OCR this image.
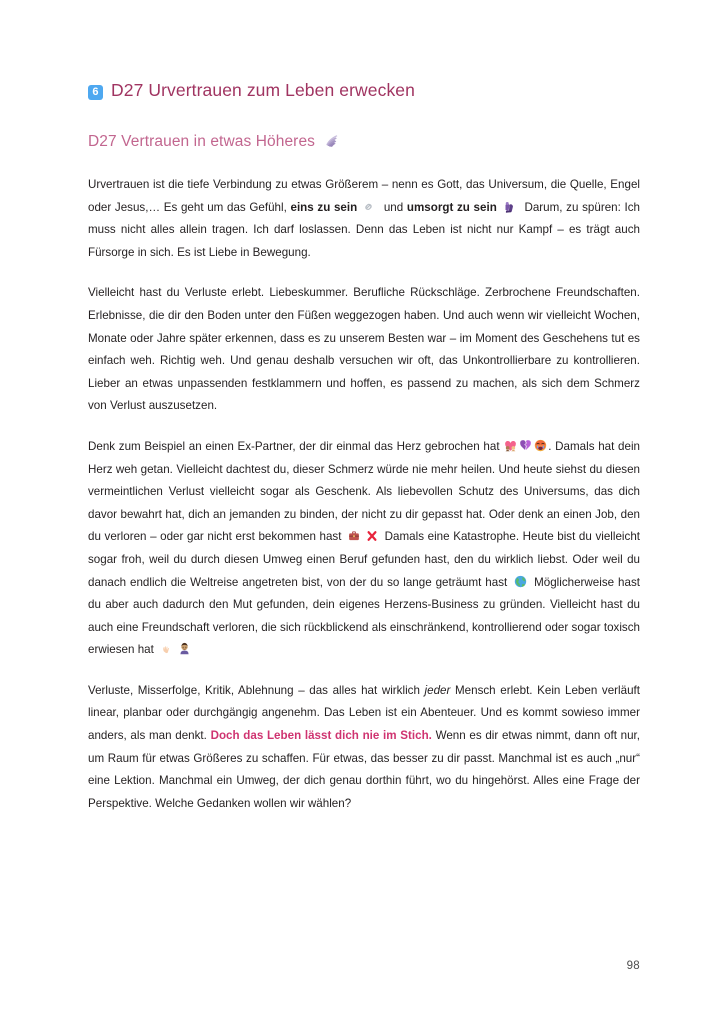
6 D27 Urvertrauen zum Leben erwecken
D27 Vertrauen in etwas Höheres

Urvertrauen ist die tiefe Verbindung zu etwas Größerem – nenn es Gott, das Universum, die Quelle, Engel oder Jesus,… Es geht um das Gefühl, eins zu sein
und umsorgt zu sein
Darum, zu spüren: Ich muss nicht alles allein tragen. Ich darf loslassen. Denn das Leben ist nicht nur Kampf – es trägt auch Fürsorge in sich. Es ist Liebe in Bewegung.

Vielleicht hast du Verluste erlebt. Liebeskummer. Berufliche Rückschläge. Zerbrochene Freundschaften. Erlebnisse, die dir den Boden unter den Füßen weggezogen haben. Und auch wenn wir vielleicht Wochen, Monate oder Jahre später erkennen, dass es zu unserem Besten war – im Moment des Geschehens tut es einfach weh. Richtig weh. Und genau deshalb versuchen wir oft, das Unkontrollierbare zu kontrollieren. Lieber an etwas unpassenden festklammern und hoffen, es passend zu machen, als sich dem Schmerz von Verlust auszusetzen.

Denk zum Beispiel an einen Ex-Partner, der dir einmal das Herz gebrochen hat	. Damals hat dein Herz weh getan. Vielleicht dachtest du, dieser Schmerz würde nie mehr heilen. Und heute siehst du diesen vermeintlichen Verlust vielleicht sogar als Geschenk. Als liebevollen Schutz des Universums, das dich davor bewahrt hat, dich an jemanden zu binden, der nicht zu dir gepasst hat. Oder denk an einen Job, den du verloren – oder gar nicht erst bekommen hast	Damals eine Katastrophe. Heute bist du vielleicht sogar froh, weil du durch diesen Umweg einen Beruf gefunden hast, den du wirklich liebst. Oder weil du danach endlich die Weltreise angetreten bist, von der du so lange geträumt hast
Möglicherweise hast du aber auch dadurch den Mut gefunden, dein eigenes Herzens-Business zu gründen. Vielleicht hast du auch eine Freundschaft verloren, die sich rückblickend als einschränkend, kontrollierend oder sogar toxisch erwiesen hat

Verluste, Misserfolge, Kritik, Ablehnung – das alles hat wirklich jeder Mensch erlebt. Kein Leben verläuft linear, planbar oder durchgängig angenehm. Das Leben ist ein Abenteuer. Und es kommt sowieso immer anders, als man denkt. Doch das Leben lässt dich nie im Stich. Wenn es dir etwas nimmt, dann oft nur, um Raum für etwas Größeres zu schaffen. Für etwas, das besser zu dir passt. Manchmal ist es auch „nur“ eine Lektion. Manchmal ein Umweg, der dich genau dorthin führt, wo du hingehörst. Alles eine Frage der Perspektive. Welche Gedanken wollen wir wählen?

98
